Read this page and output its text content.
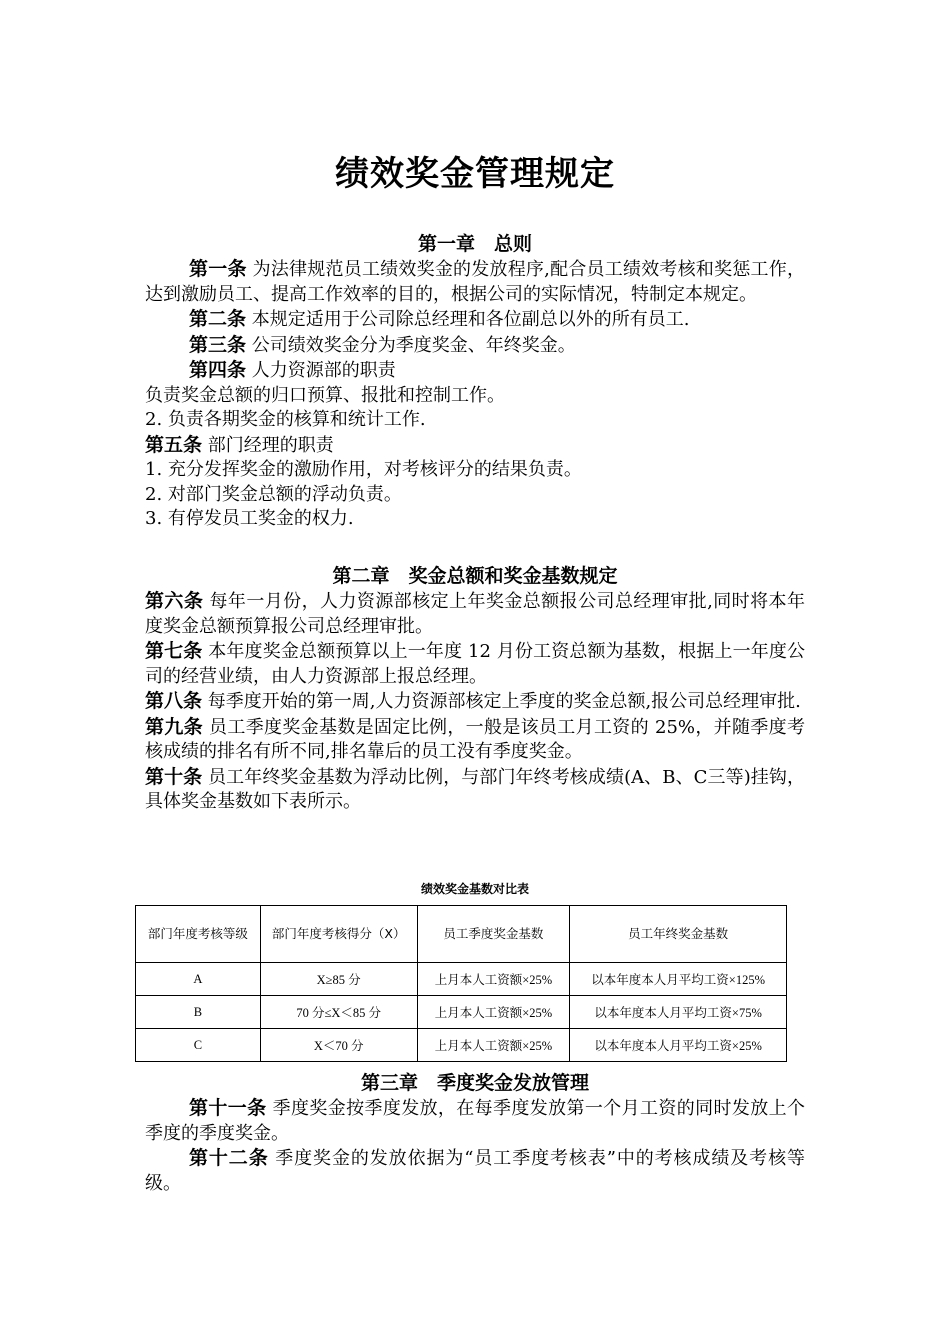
绩效奖金管理规定
第一章　总则
第一条 为法律规范员工绩效奖金的发放程序,配合员工绩效考核和奖惩工作，达到激励员工、提高工作效率的目的，根据公司的实际情况，特制定本规定。
第二条 本规定适用于公司除总经理和各位副总以外的所有员工.
第三条 公司绩效奖金分为季度奖金、年终奖金。
第四条 人力资源部的职责
负责奖金总额的归口预算、报批和控制工作。
2. 负责各期奖金的核算和统计工作.
第五条 部门经理的职责
1. 充分发挥奖金的激励作用，对考核评分的结果负责。
2. 对部门奖金总额的浮动负责。
3. 有停发员工奖金的权力.
第二章　奖金总额和奖金基数规定
第六条 每年一月份，人力资源部核定上年奖金总额报公司总经理审批,同时将本年度奖金总额预算报公司总经理审批。
第七条 本年度奖金总额预算以上一年度 12 月份工资总额为基数，根据上一年度公司的经营业绩，由人力资源部上报总经理。
第八条 每季度开始的第一周,人力资源部核定上季度的奖金总额,报公司总经理审批.
第九条 员工季度奖金基数是固定比例，一般是该员工月工资的 25%，并随季度考核成绩的排名有所不同,排名靠后的员工没有季度奖金。
第十条 员工年终奖金基数为浮动比例，与部门年终考核成绩(A、B、C三等)挂钩，具体奖金基数如下表所示。
绩效奖金基数对比表
部门年度考核等级	部门年度考核得分（X）	员工季度奖金基数	员工年终奖金基数
A	X≥85 分	上月本人工资额×25%	以本年度本人月平均工资×125%
B	70 分≤X＜85 分	上月本人工资额×25%	以本年度本人月平均工资×75%
C	X＜70 分	上月本人工资额×25%	以本年度本人月平均工资×25%
第三章　季度奖金发放管理
第十一条 季度奖金按季度发放，在每季度发放第一个月工资的同时发放上个季度的季度奖金。
第十二条 季度奖金的发放依据为“员工季度考核表”中的考核成绩及考核等级。
